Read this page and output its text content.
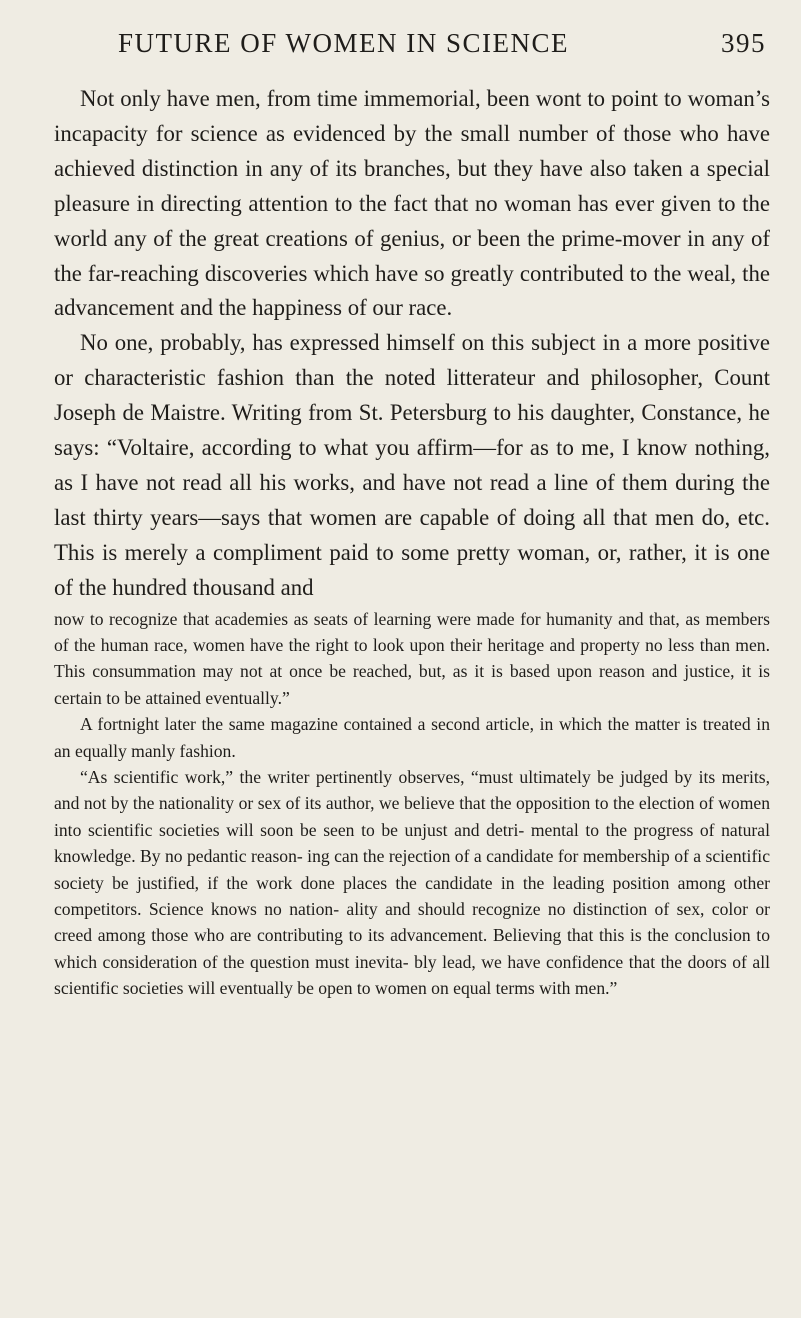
FUTURE OF WOMEN IN SCIENCE	395

Not only have men, from time immemorial, been wont to point to woman’s incapacity for science as evidenced by the small number of those who have achieved distinction in any of its branches, but they have also taken a special pleasure in directing attention to the fact that no woman has ever given to the world any of the great creations of genius, or been the prime-mover in any of the far-reaching discoveries which have so greatly contributed to the weal, the advancement and the happiness of our race.

No one, probably, has expressed himself on this subject in a more positive or characteristic fashion than the noted litterateur and philosopher, Count Joseph de Maistre. Writing from St. Petersburg to his daughter, Constance, he says: “Voltaire, according to what you affirm—for as to me, I know nothing, as I have not read all his works, and have not read a line of them during the last thirty years—says that women are capable of doing all that men do, etc. This is merely a compliment paid to some pretty woman, or, rather, it is one of the hundred thousand and

now to recognize that academies as seats of learning were made for humanity and that, as members of the human race, women have the right to look upon their heritage and property no less than men. This consummation may not at once be reached, but, as it is based upon reason and justice, it is certain to be attained eventually.”

A fortnight later the same magazine contained a second article, in which the matter is treated in an equally manly fashion.

“As scientific work,” the writer pertinently observes, “must ultimately be judged by its merits, and not by the nationality or sex of its author, we believe that the opposition to the election of women into scientific societies will soon be seen to be unjust and detri- mental to the progress of natural knowledge. By no pedantic reason- ing can the rejection of a candidate for membership of a scientific society be justified, if the work done places the candidate in the leading position among other competitors. Science knows no nation- ality and should recognize no distinction of sex, color or creed among those who are contributing to its advancement. Believing that this is the conclusion to which consideration of the question must inevita- bly lead, we have confidence that the doors of all scientific societies will eventually be open to women on equal terms with men.”
